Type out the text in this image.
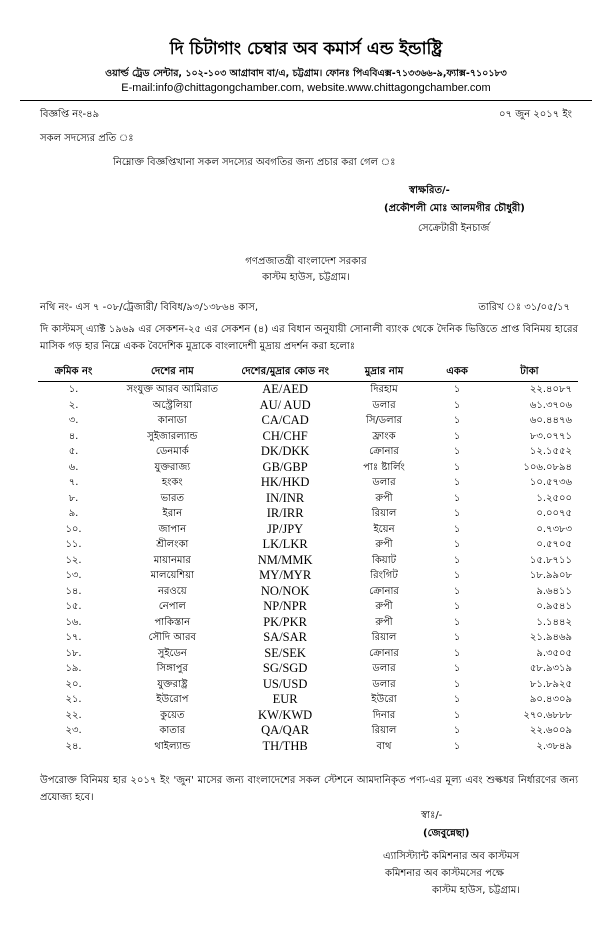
দি চিটাগাং চেম্বার অব কমার্স এন্ড ইন্ডাষ্ট্রি
ওয়ার্ল্ড ট্রেড সেন্টার, ১০২-১০৩ আগ্রাবাদ বা/এ, চট্টগ্রাম। ফোনঃ পিএবিএক্স-৭১৩৩৬৬-৯,ফ্যাক্স-৭১০১৮৩
E-mail:info@chittagongchamber.com, website.www.chittagongchamber.com
বিজ্ঞপ্তি নং-৪৯	০৭ জুন ২০১৭ ইং
সকল সদস্যের প্রতি ঃ
নিম্নোক্ত বিজ্ঞপ্তিখানা সকল সদস্যের অবগতির জন্য প্রচার করা গেল ঃ
স্বাক্ষরিত/-
(প্রকৌশলী মোঃ আলমগীর চৌধুরী)
সেক্রেটারী ইনচার্জ
গণপ্রজাতন্ত্রী বাংলাদেশ সরকার
কাস্টম হাউস, চট্টগ্রাম।
নথি নং- এস ৭ -০৮/ট্রেজারী/ বিবিধ/৯৩/১৩৮৬৪ কাস,	তারিখ ঃ ৩১/০৫/১৭
দি কাস্টমস্ এ্যাক্ট ১৯৬৯ এর সেকশন-২৫ এর সেকশন (৪) এর বিধান অনুযায়ী সোনালী ব্যাংক থেকে দৈনিক ভিত্তিতে প্রাপ্ত বিনিময় হারের মাসিক গড় হার নিম্নে একক বৈদেশিক মুদ্রাকে বাংলাদেশী মুদ্রায় প্রদর্শন করা হলোঃ
ক্রমিক নং	দেশের নাম	দেশের/মুদ্রার কোড নং	মুদ্রার নাম	একক	টাকা
১.	সংযুক্ত আরব আমিরাত	AE/AED	দিরহাম	১	২২.৪০৮৭
২.	অস্ট্রেলিয়া	AU/ AUD	ডলার	১	৬১.৩৭০৬
৩.	কানাডা	CA/CAD	সি/ডলার	১	৬০.৪৪৭৬
৪.	সুইজারল্যান্ড	CH/CHF	ফ্রাংক	১	৮৩.০৭৭১
৫.	ডেনমার্ক	DK/DKK	ক্রোনার	১	১২.১৫৫২
৬.	যুক্তরাজ্য	GB/GBP	পাঃ ষ্টার্লিং	১	১০৬.০৮৯৪
৭.	হংকং	HK/HKD	ডলার	১	১০.৫৭৩৬
৮.	ভারত	IN/INR	রুপী	১	১.২৫০০
৯.	ইরান	IR/IRR	রিয়াল	১	০.০০৭৫
১০.	জাপান	JP/JPY	ইয়েন	১	০.৭৩৮৩
১১.	শ্রীলংকা	LK/LKR	রুপী	১	০.৫৭০৫
১২.	মায়ানমার	NM/MMK	কিয়াট	১	১৫.৮৭১১
১৩.	মালয়েশিয়া	MY/MYR	রিংগিট	১	১৮.৯৯০৮
১৪.	নরওয়ে	NO/NOK	ক্রোনার	১	৯.৬৪১১
১৫.	নেপাল	NP/NPR	রুপী	১	০.৯৫৪১
১৬.	পাকিস্তান	PK/PKR	রুপী	১	১.১৪৪২
১৭.	সৌদি আরব	SA/SAR	রিয়াল	১	২১.৯৪৬৯
১৮.	সুইডেন	SE/SEK	ক্রোনার	১	৯.৩৫০৫
১৯.	সিঙ্গাপুর	SG/SGD	ডলার	১	৫৮.৯৩১৯
২০.	যুক্তরাষ্ট্র	US/USD	ডলার	১	৮১.৮৯২৫
২১.	ইউরোপ	EUR	ইউরো	১	৯০.৪৩০৯
২২.	কুয়েত	KW/KWD	দিনার	১	২৭০.৬৮৮৮
২৩.	কাতার	QA/QAR	রিয়াল	১	২২.৬০০৯
২৪.	থাইল্যান্ড	TH/THB	বাথ	১	২.৩৮৪৯
উপরোক্ত বিনিময় হার ২০১৭ ইং 'জুন' মাসের জন্য বাংলাদেশের সকল স্টেশনে আমদানিকৃত পণ্য-এর মূল্য এবং শুল্কধর নির্ধারণের জন্য প্রযোজ্য হবে।
স্বাঃ/-
(জেবুন্নেছা)
এ্যাসিস্ট্যান্ট কমিশনার অব কাস্টমস
কমিশনার অব কাস্টমসের পক্ষে
কাস্টম হাউস, চট্টগ্রাম।
